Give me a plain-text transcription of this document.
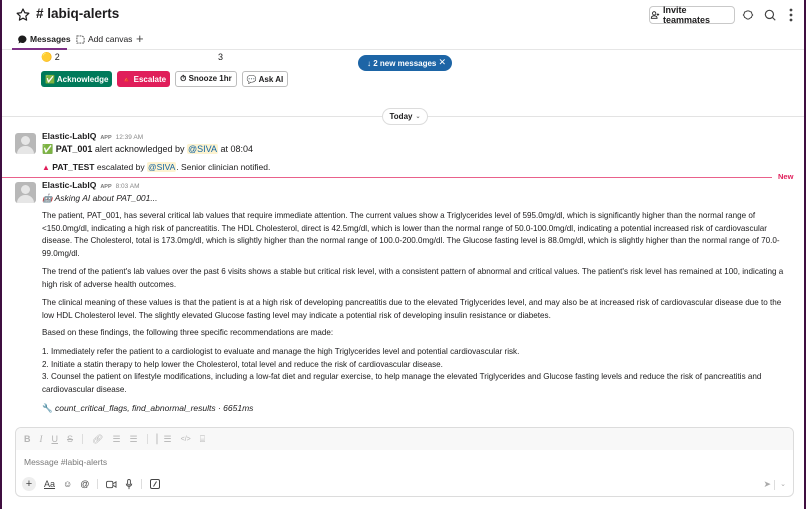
# labiq-alerts	Invite teammates
Messages Add canvas +
🟡 2	3
✅ Acknowledge	🔺 Escalate	⏱ Snooze 1hr	💬 Ask AI
↓ 2 new messages ✕
Today ⌄
Elastic-LabIQ APP 12:39 AM
✅ PAT_001 alert acknowledged by @SIVA at 08:04
▲ PAT_TEST escalated by @SIVA. Senior clinician notified.
New
Elastic-LabIQ APP 8:03 AM
🤖 Asking AI about PAT_001...

The patient, PAT_001, has several critical lab values that require immediate attention. The current values show a Triglycerides level of 595.0mg/dl, which is significantly higher than the normal range of <150.0mg/dl, indicating a high risk of pancreatitis. The HDL Cholesterol, direct is 42.5mg/dl, which is lower than the normal range of 50.0-100.0mg/dl, indicating a potential increased risk of cardiovascular disease. The Cholesterol, total is 173.0mg/dl, which is slightly higher than the normal range of 100.0-200.0mg/dl. The Glucose fasting level is 88.0mg/dl, which is slightly higher than the normal range of 70.0-99.0mg/dl.

The trend of the patient's lab values over the past 6 visits shows a stable but critical risk level, with a consistent pattern of abnormal and critical values. The patient's risk level has remained at 100, indicating a high risk of adverse health outcomes.

The clinical meaning of these values is that the patient is at a high risk of developing pancreatitis due to the elevated Triglycerides level, and may also be at increased risk of cardiovascular disease due to the low HDL Cholesterol level. The slightly elevated Glucose fasting level may indicate a potential risk of developing insulin resistance or diabetes.

Based on these findings, the following three specific recommendations are made:

1. Immediately refer the patient to a cardiologist to evaluate and manage the high Triglycerides level and potential cardiovascular risk.

2. Initiate a statin therapy to help lower the Cholesterol, total level and reduce the risk of cardiovascular disease.

3. Counsel the patient on lifestyle modifications, including a low-fat diet and regular exercise, to help manage the elevated Triglycerides and Glucose fasting levels and reduce the risk of pancreatitis and cardiovascular disease.

🔧 count_critical_flags, find_abnormal_results · 6651ms
B I U S 🔗︎ ☰ ☰ ▏☰ </> ⌸
Message #labiq-alerts
+	Aa ☺ @	➤ ⌄
